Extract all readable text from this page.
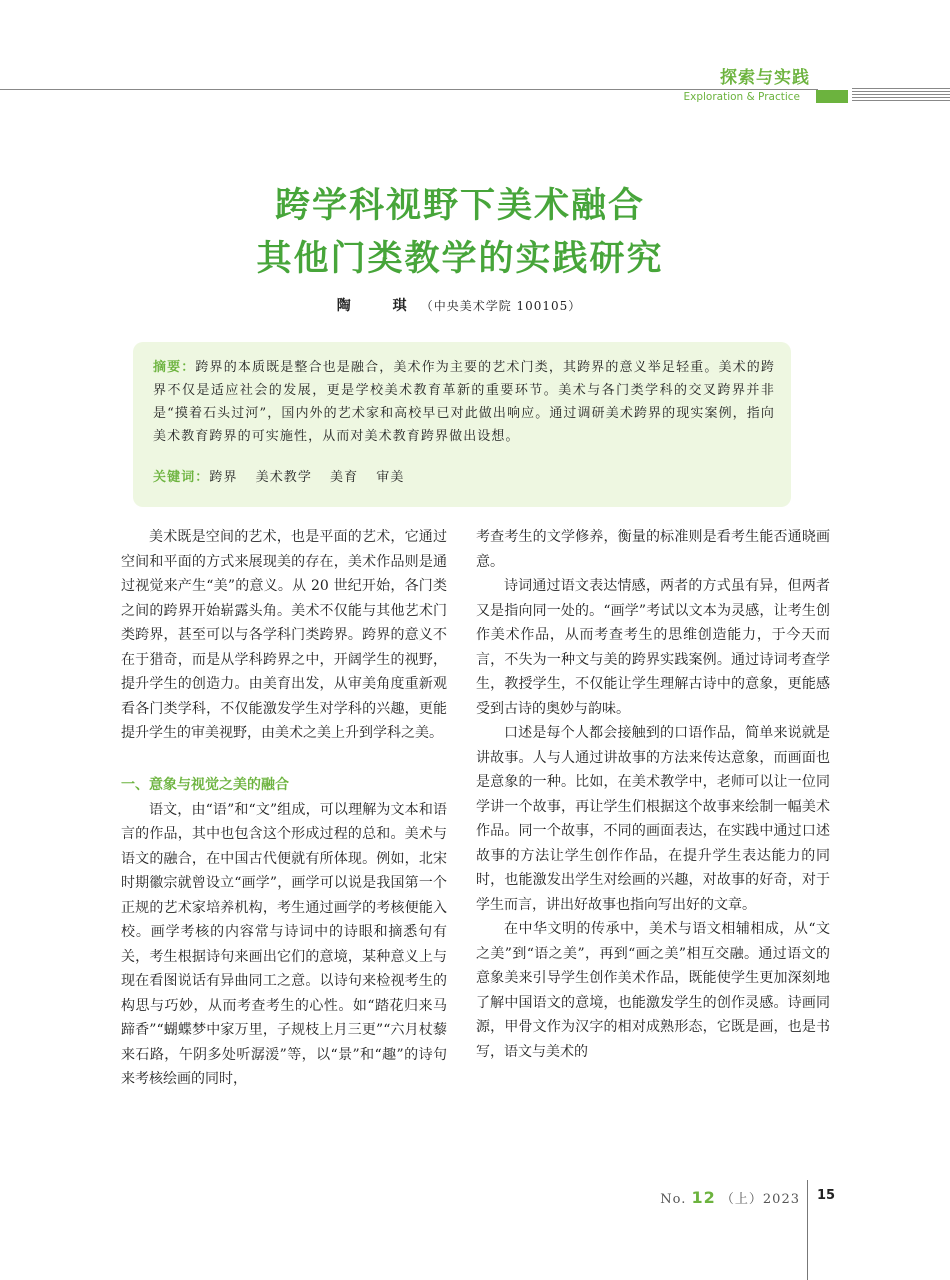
探索与实践
Exploration & Practice
跨学科视野下美术融合
其他门类教学的实践研究
陶　琪（中央美术学院 100105）
摘要：跨界的本质既是整合也是融合，美术作为主要的艺术门类，其跨界的意义举足轻重。美术的跨界不仅是适应社会的发展，更是学校美术教育革新的重要环节。美术与各门类学科的交叉跨界并非是“摸着石头过河”，国内外的艺术家和高校早已对此做出响应。通过调研美术跨界的现实案例，指向美术教育跨界的可实施性，从而对美术教育跨界做出设想。
关键词：跨界 美术教学 美育 审美

美术既是空间的艺术，也是平面的艺术，它通过空间和平面的方式来展现美的存在，美术作品则是通过视觉来产生“美”的意义。从 20 世纪开始，各门类之间的跨界开始崭露头角。美术不仅能与其他艺术门类跨界，甚至可以与各学科门类跨界。跨界的意义不在于猎奇，而是从学科跨界之中，开阔学生的视野，提升学生的创造力。由美育出发，从审美角度重新观看各门类学科，不仅能激发学生对学科的兴趣，更能提升学生的审美视野，由美术之美上升到学科之美。

一、意象与视觉之美的融合

语文，由“语”和“文”组成，可以理解为文本和语言的作品，其中也包含这个形成过程的总和。美术与语文的融合，在中国古代便就有所体现。例如，北宋时期徽宗就曾设立“画学”，画学可以说是我国第一个正规的艺术家培养机构，考生通过画学的考核便能入校。画学考核的内容常与诗词中的诗眼和摘悉句有关，考生根据诗句来画出它们的意境，某种意义上与现在看图说话有异曲同工之意。以诗句来检视考生的构思与巧妙，从而考查考生的心性。如“踏花归来马蹄香”“蝴蝶梦中家万里，子规枝上月三更”“六月杖藜来石路，午阴多处听潺湲”等，以“景”和“趣”的诗句来考核绘画的同时，

考查考生的文学修养，衡量的标准则是看考生能否通晓画意。

诗词通过语文表达情感，两者的方式虽有异，但两者又是指向同一处的。“画学”考试以文本为灵感，让考生创作美术作品，从而考查考生的思维创造能力，于今天而言，不失为一种文与美的跨界实践案例。通过诗词考查学生，教授学生，不仅能让学生理解古诗中的意象，更能感受到古诗的奥妙与韵味。

口述是每个人都会接触到的口语作品，简单来说就是讲故事。人与人通过讲故事的方法来传达意象，而画面也是意象的一种。比如，在美术教学中，老师可以让一位同学讲一个故事，再让学生们根据这个故事来绘制一幅美术作品。同一个故事，不同的画面表达，在实践中通过口述故事的方法让学生创作作品，在提升学生表达能力的同时，也能激发出学生对绘画的兴趣，对故事的好奇，对于学生而言，讲出好故事也指向写出好的文章。

在中华文明的传承中，美术与语文相辅相成，从“文之美”到“语之美”，再到“画之美”相互交融。通过语文的意象美来引导学生创作美术作品，既能使学生更加深刻地了解中国语文的意境，也能激发学生的创作灵感。诗画同源，甲骨文作为汉字的相对成熟形态，它既是画，也是书写，语文与美术的

No. 12 （上）2023 15
